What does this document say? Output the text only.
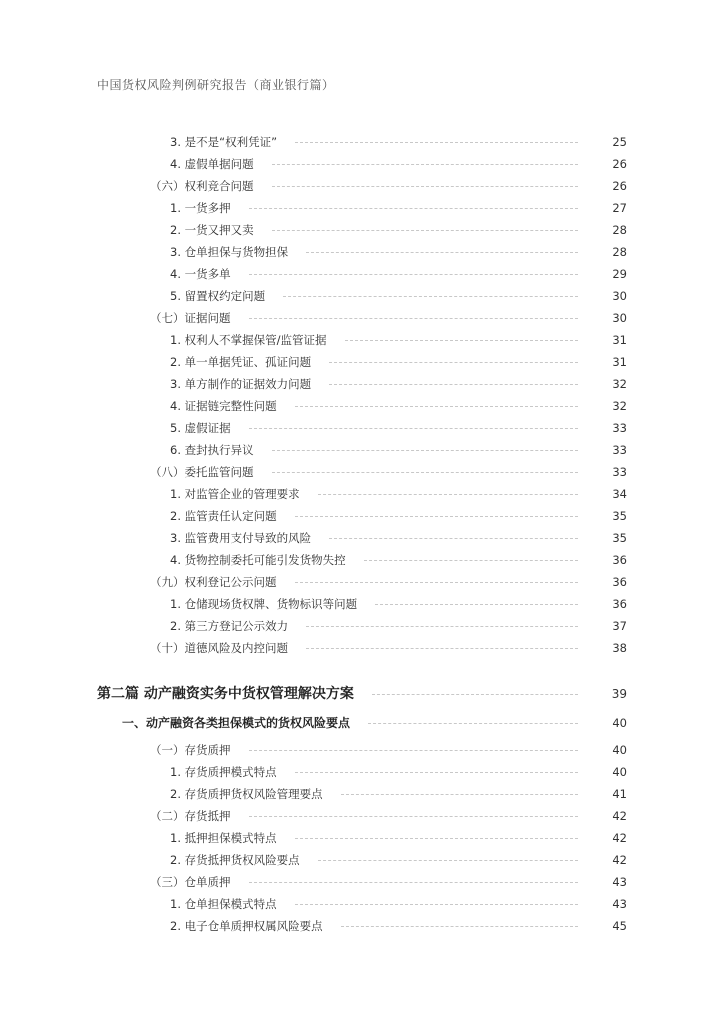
中国货权风险判例研究报告（商业银行篇）
3. 是不是“权利凭证”	25
4. 虚假单据问题	26
（六）权利竞合问题	26
1. 一货多押	27
2. 一货又押又卖	28
3. 仓单担保与货物担保	28
4. 一货多单	29
5. 留置权约定问题	30
（七）证据问题	30
1. 权利人不掌握保管/监管证据	31
2. 单一单据凭证、孤证问题	31
3. 单方制作的证据效力问题	32
4. 证据链完整性问题	32
5. 虚假证据	33
6. 查封执行异议	33
（八）委托监管问题	33
1. 对监管企业的管理要求	34
2. 监管责任认定问题	35
3. 监管费用支付导致的风险	35
4. 货物控制委托可能引发货物失控	36
（九）权利登记公示问题	36
1. 仓储现场货权牌、货物标识等问题	36
2. 第三方登记公示效力	37
（十）道德风险及内控问题	38
第二篇 动产融资实务中货权管理解决方案	39
一、动产融资各类担保模式的货权风险要点	40
（一）存货质押	40
1. 存货质押模式特点	40
2. 存货质押货权风险管理要点	41
（二）存货抵押	42
1. 抵押担保模式特点	42
2. 存货抵押货权风险要点	42
（三）仓单质押	43
1. 仓单担保模式特点	43
2. 电子仓单质押权属风险要点	45
